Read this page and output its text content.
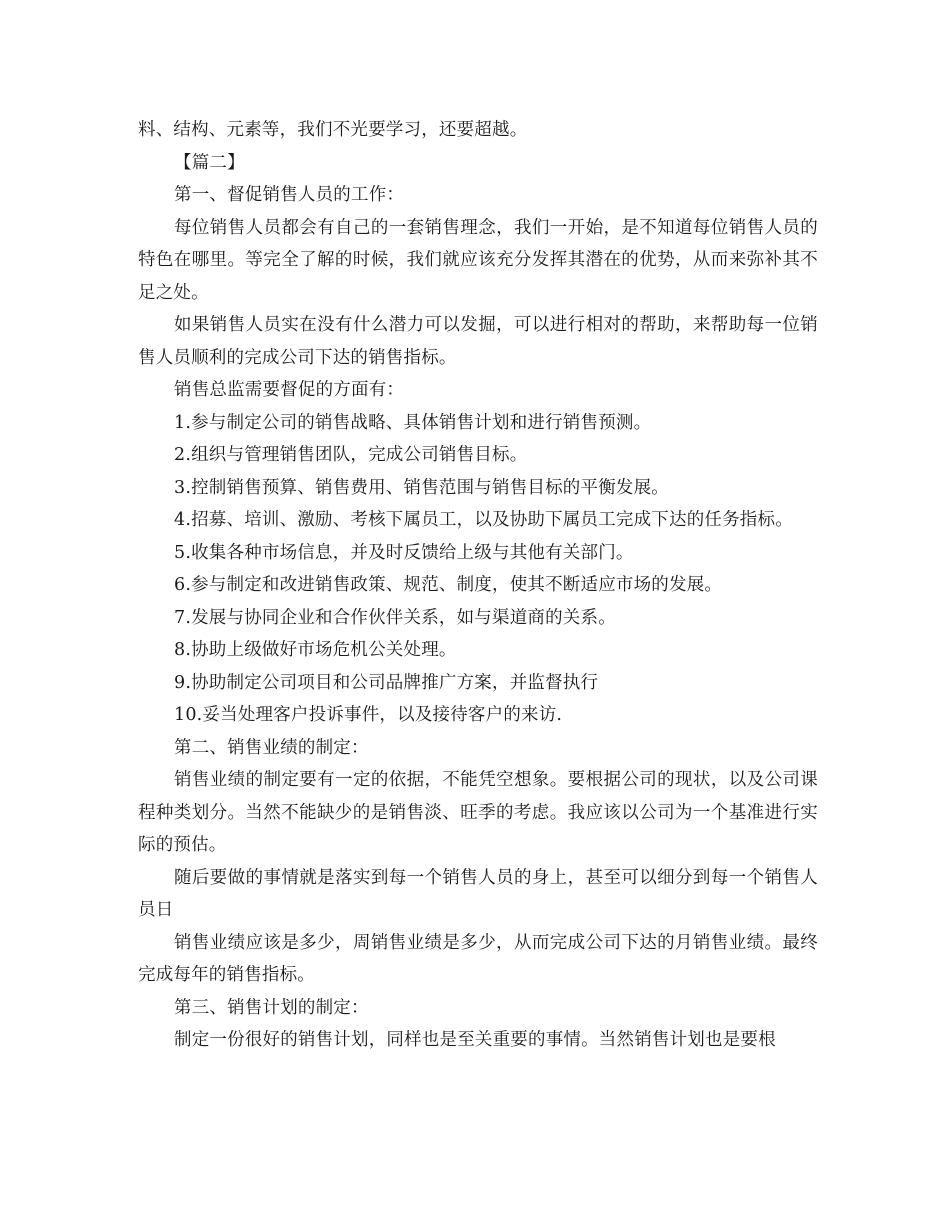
料、结构、元素等，我们不光要学习，还要超越。

【篇二】

第一、督促销售人员的工作：

每位销售人员都会有自己的一套销售理念，我们一开始，是不知道每位销售人员的特色在哪里。等完全了解的时候，我们就应该充分发挥其潜在的优势，从而来弥补其不足之处。

如果销售人员实在没有什么潜力可以发掘，可以进行相对的帮助，来帮助每一位销售人员顺利的完成公司下达的销售指标。

销售总监需要督促的方面有：

1.参与制定公司的销售战略、具体销售计划和进行销售预测。

2.组织与管理销售团队，完成公司销售目标。

3.控制销售预算、销售费用、销售范围与销售目标的平衡发展。

4.招募、培训、激励、考核下属员工，以及协助下属员工完成下达的任务指标。

5.收集各种市场信息，并及时反馈给上级与其他有关部门。

6.参与制定和改进销售政策、规范、制度，使其不断适应市场的发展。

7.发展与协同企业和合作伙伴关系，如与渠道商的关系。

8.协助上级做好市场危机公关处理。

9.协助制定公司项目和公司品牌推广方案，并监督执行

10.妥当处理客户投诉事件，以及接待客户的来访.

第二、销售业绩的制定：

销售业绩的制定要有一定的依据，不能凭空想象。要根据公司的现状，以及公司课程种类划分。当然不能缺少的是销售淡、旺季的考虑。我应该以公司为一个基准进行实际的预估。

随后要做的事情就是落实到每一个销售人员的身上，甚至可以细分到每一个销售人员日

销售业绩应该是多少，周销售业绩是多少，从而完成公司下达的月销售业绩。最终完成每年的销售指标。

第三、销售计划的制定：

制定一份很好的销售计划，同样也是至关重要的事情。当然销售计划也是要根
